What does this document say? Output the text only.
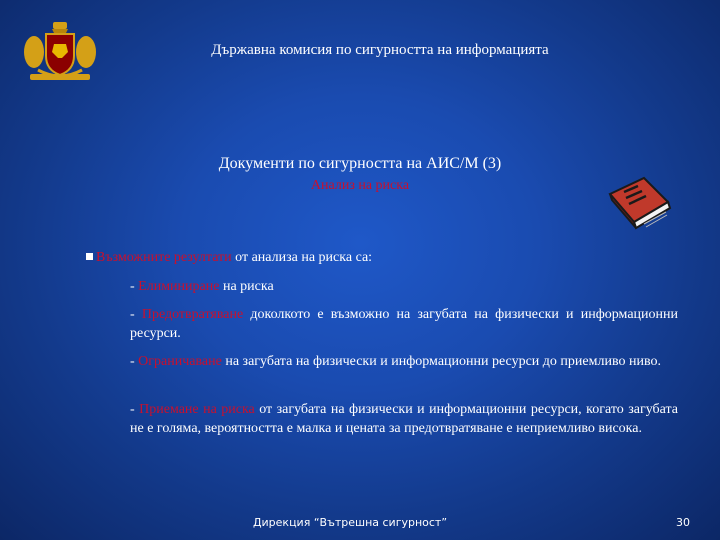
Държавна комисия по сигурността на информацията
Документи по сигурността на АИС/М (3)
Анализ на риска
Възможните резултати от анализа на риска са:
- Елиминиране на риска
- Предотвратяване доколкото е възможно на загубата на физически и информационни ресурси.
- Ограничаване на загубата на физически и информационни ресурси до приемливо ниво.
- Приемане на риска от загубата на физически и информационни ресурси, когато загубата не е голяма, вероятността е малка и цената за предотвратяване е неприемливо висока.
Дирекция “Вътрешна сигурност”	30
